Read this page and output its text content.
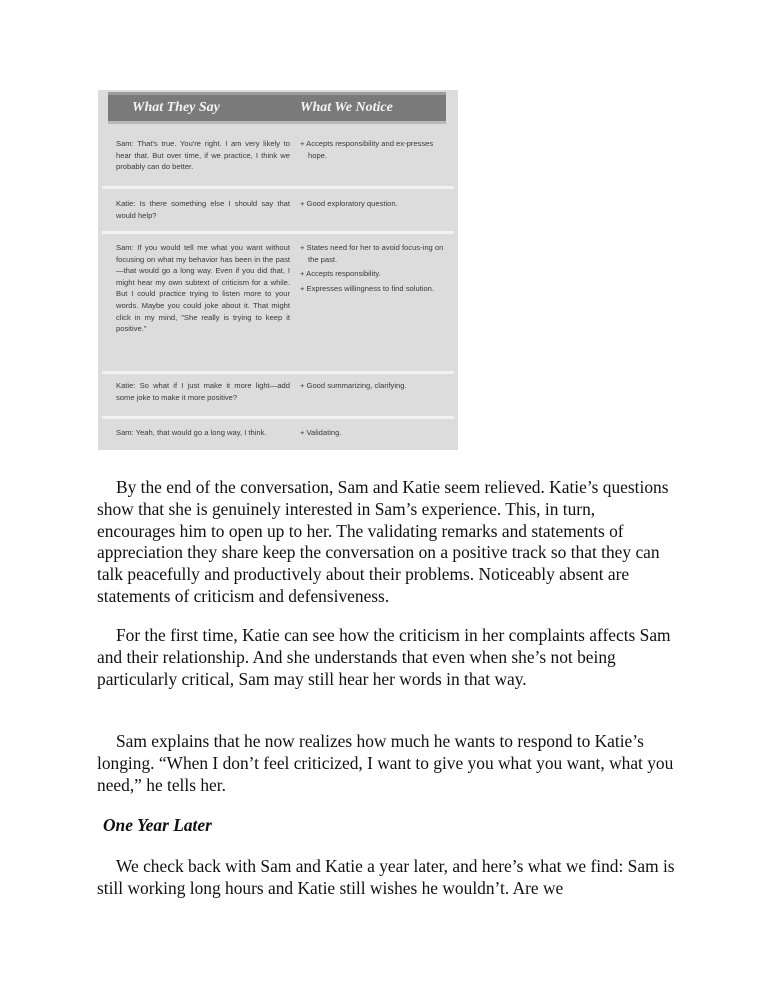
What They Say	What We Notice
Sam: That's true. You're right. I am very likely to hear that. But over time, if we practice, I think we probably can do better.
+ Accepts responsibility and ex-presses hope.
Katie: Is there something else I should say that would help?
+ Good exploratory question.
Sam: If you would tell me what you want without focusing on what my behavior has been in the past—that would go a long way. Even if you did that, I might hear my own subtext of criticism for a while. But I could practice trying to listen more to your words. Maybe you could joke about it. That might click in my mind, "She really is trying to keep it positive."
+ States need for her to avoid focus-ing on the past.
+ Accepts responsibility.
+ Expresses willingness to find solution.
Katie: So what if I just make it more light—add some joke to make it more positive?
+ Good summarizing, clarifying.
Sam: Yeah, that would go a long way, I think.	+ Validating.

By the end of the conversation, Sam and Katie seem relieved. Katie’s questions show that she is genuinely interested in Sam’s experience. This, in turn, encourages him to open up to her. The validating remarks and statements of appreciation they share keep the conversation on a positive track so that they can talk peacefully and productively about their problems. Noticeably absent are statements of criticism and defensiveness.

For the first time, Katie can see how the criticism in her complaints affects Sam and their relationship. And she understands that even when she’s not being particularly critical, Sam may still hear her words in that way.

Sam explains that he now realizes how much he wants to respond to Katie’s longing. “When I don’t feel criticized, I want to give you what you want, what you need,” he tells her.

One Year Later

We check back with Sam and Katie a year later, and here’s what we find: Sam is still working long hours and Katie still wishes he wouldn’t. Are we
